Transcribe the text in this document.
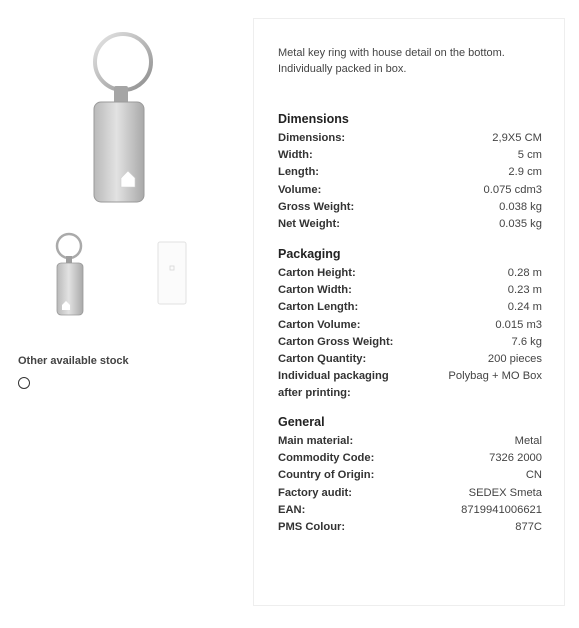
Other available stock
Metal key ring with house detail on the bottom. Individually packed in box.
Dimensions
Dimensions:	2,9X5 CM
Width:	5 cm
Length:	2.9 cm
Volume:	0.075 cdm3
Gross Weight:	0.038 kg
Net Weight:	0.035 kg
Packaging
Carton Height:	0.28 m
Carton Width:	0.23 m
Carton Length:	0.24 m
Carton Volume:	0.015 m3
Carton Gross Weight:	7.6 kg
Carton Quantity:	200 pieces
Individual packaging after printing:
Polybag + MO Box
General
Main material:	Metal
Commodity Code:	7326 2000
Country of Origin:	CN
Factory audit:	SEDEX Smeta
EAN:	8719941006621
PMS Colour:	877C
